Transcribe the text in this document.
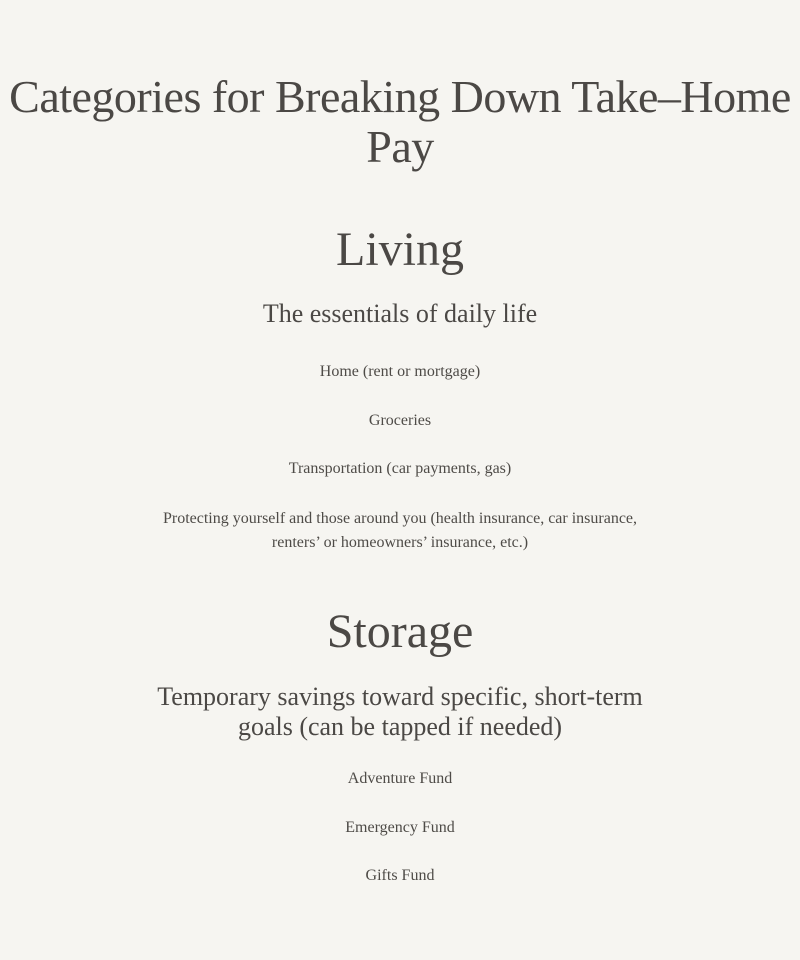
Categories for Breaking Down Take–Home Pay
Living

The essentials of daily life

Home (rent or mortgage)

Groceries

Transportation (car payments, gas)

Protecting yourself and those around you (health insurance, car insurance, renters’ or homeowners’ insurance, etc.)

Storage

Temporary savings toward specific, short-term goals (can be tapped if needed)

Adventure Fund

Emergency Fund

Gifts Fund
